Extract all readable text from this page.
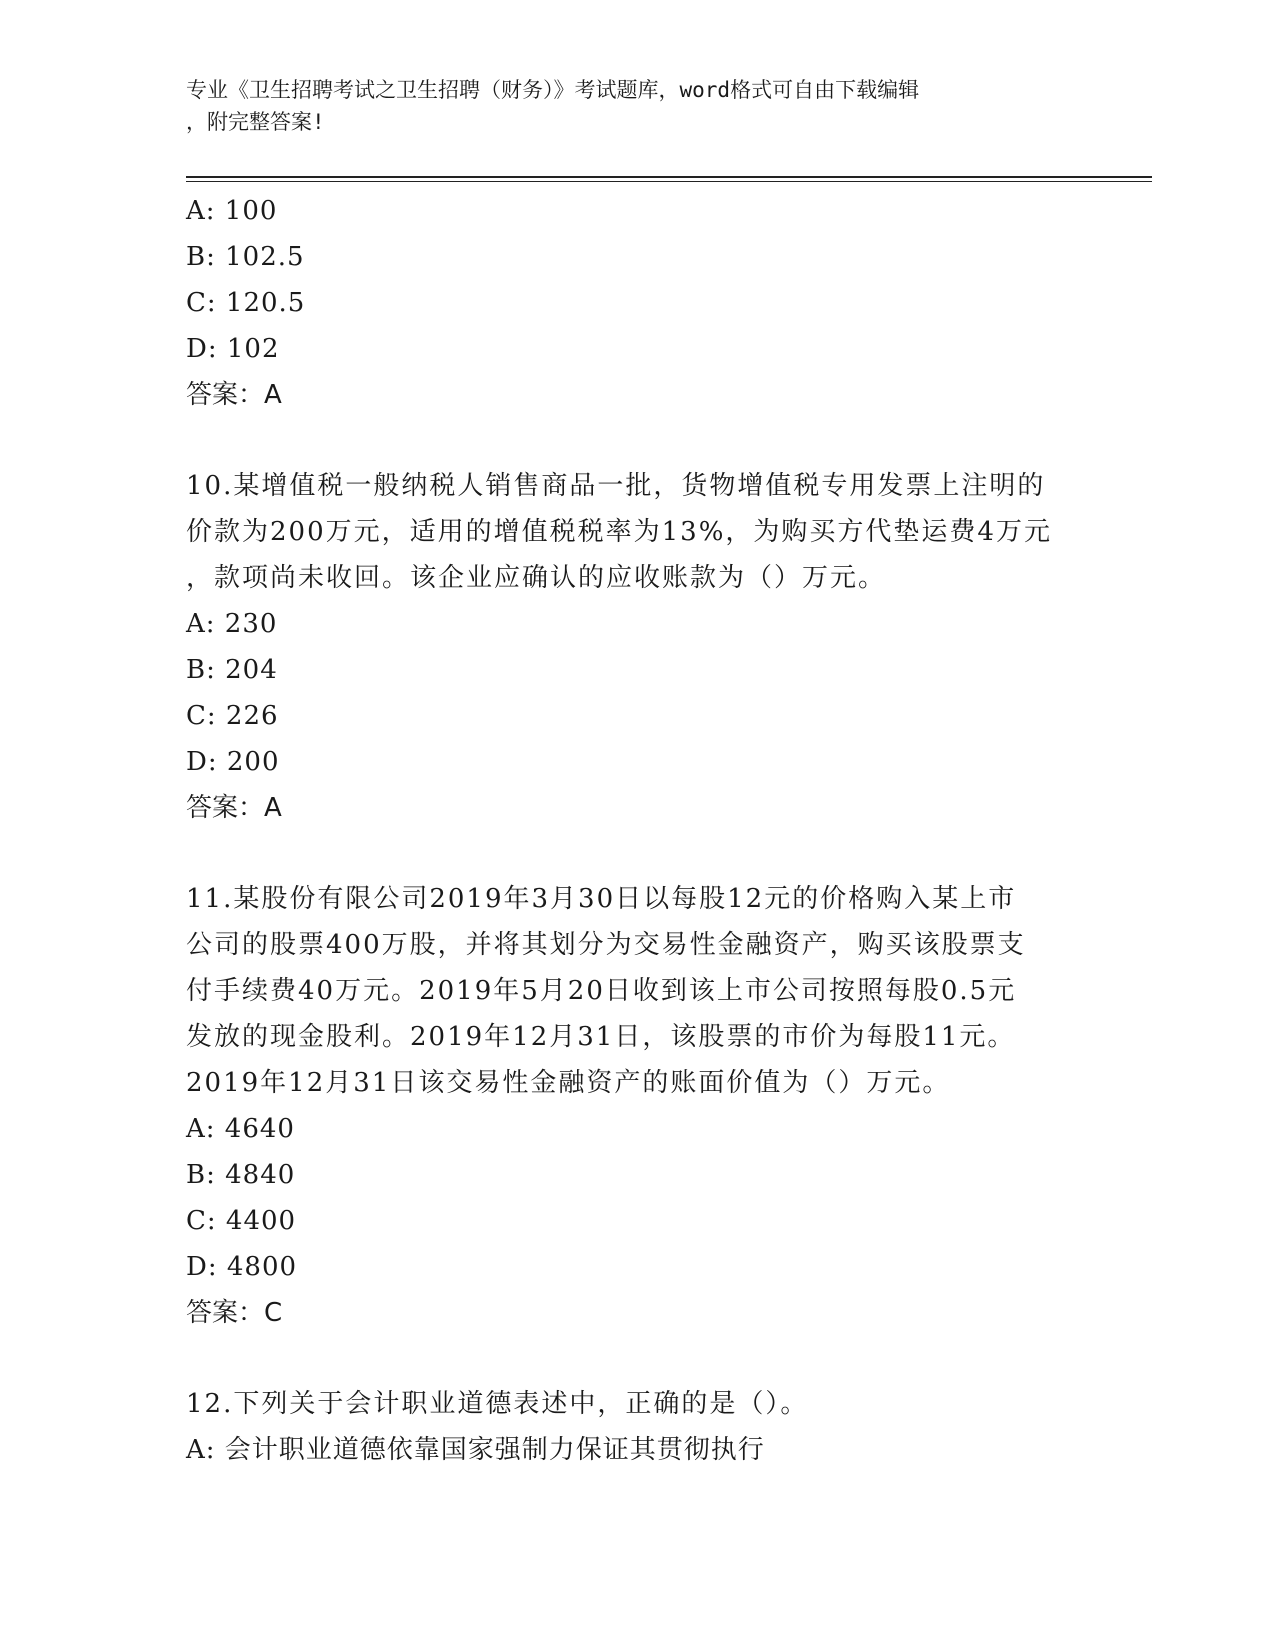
专业《卫生招聘考试之卫生招聘（财务）》考试题库，word格式可自由下载编辑
，附完整答案!
A: 100
B: 102.5
C: 120.5
D: 102
答案：A
10.某增值税一般纳税人销售商品一批，货物增值税专用发票上注明的
价款为200万元，适用的增值税税率为13%，为购买方代垫运费4万元
，款项尚未收回。该企业应确认的应收账款为（）万元。
A: 230
B: 204
C: 226
D: 200
答案：A
11.某股份有限公司2019年3月30日以每股12元的价格购入某上市
公司的股票400万股，并将其划分为交易性金融资产，购买该股票支
付手续费40万元。2019年5月20日收到该上市公司按照每股0.5元
发放的现金股利。2019年12月31日，该股票的市价为每股11元。
2019年12月31日该交易性金融资产的账面价值为（）万元。
A: 4640
B: 4840
C: 4400
D: 4800
答案：C
12.下列关于会计职业道德表述中，正确的是（）。
A: 会计职业道德依靠国家强制力保证其贯彻执行
